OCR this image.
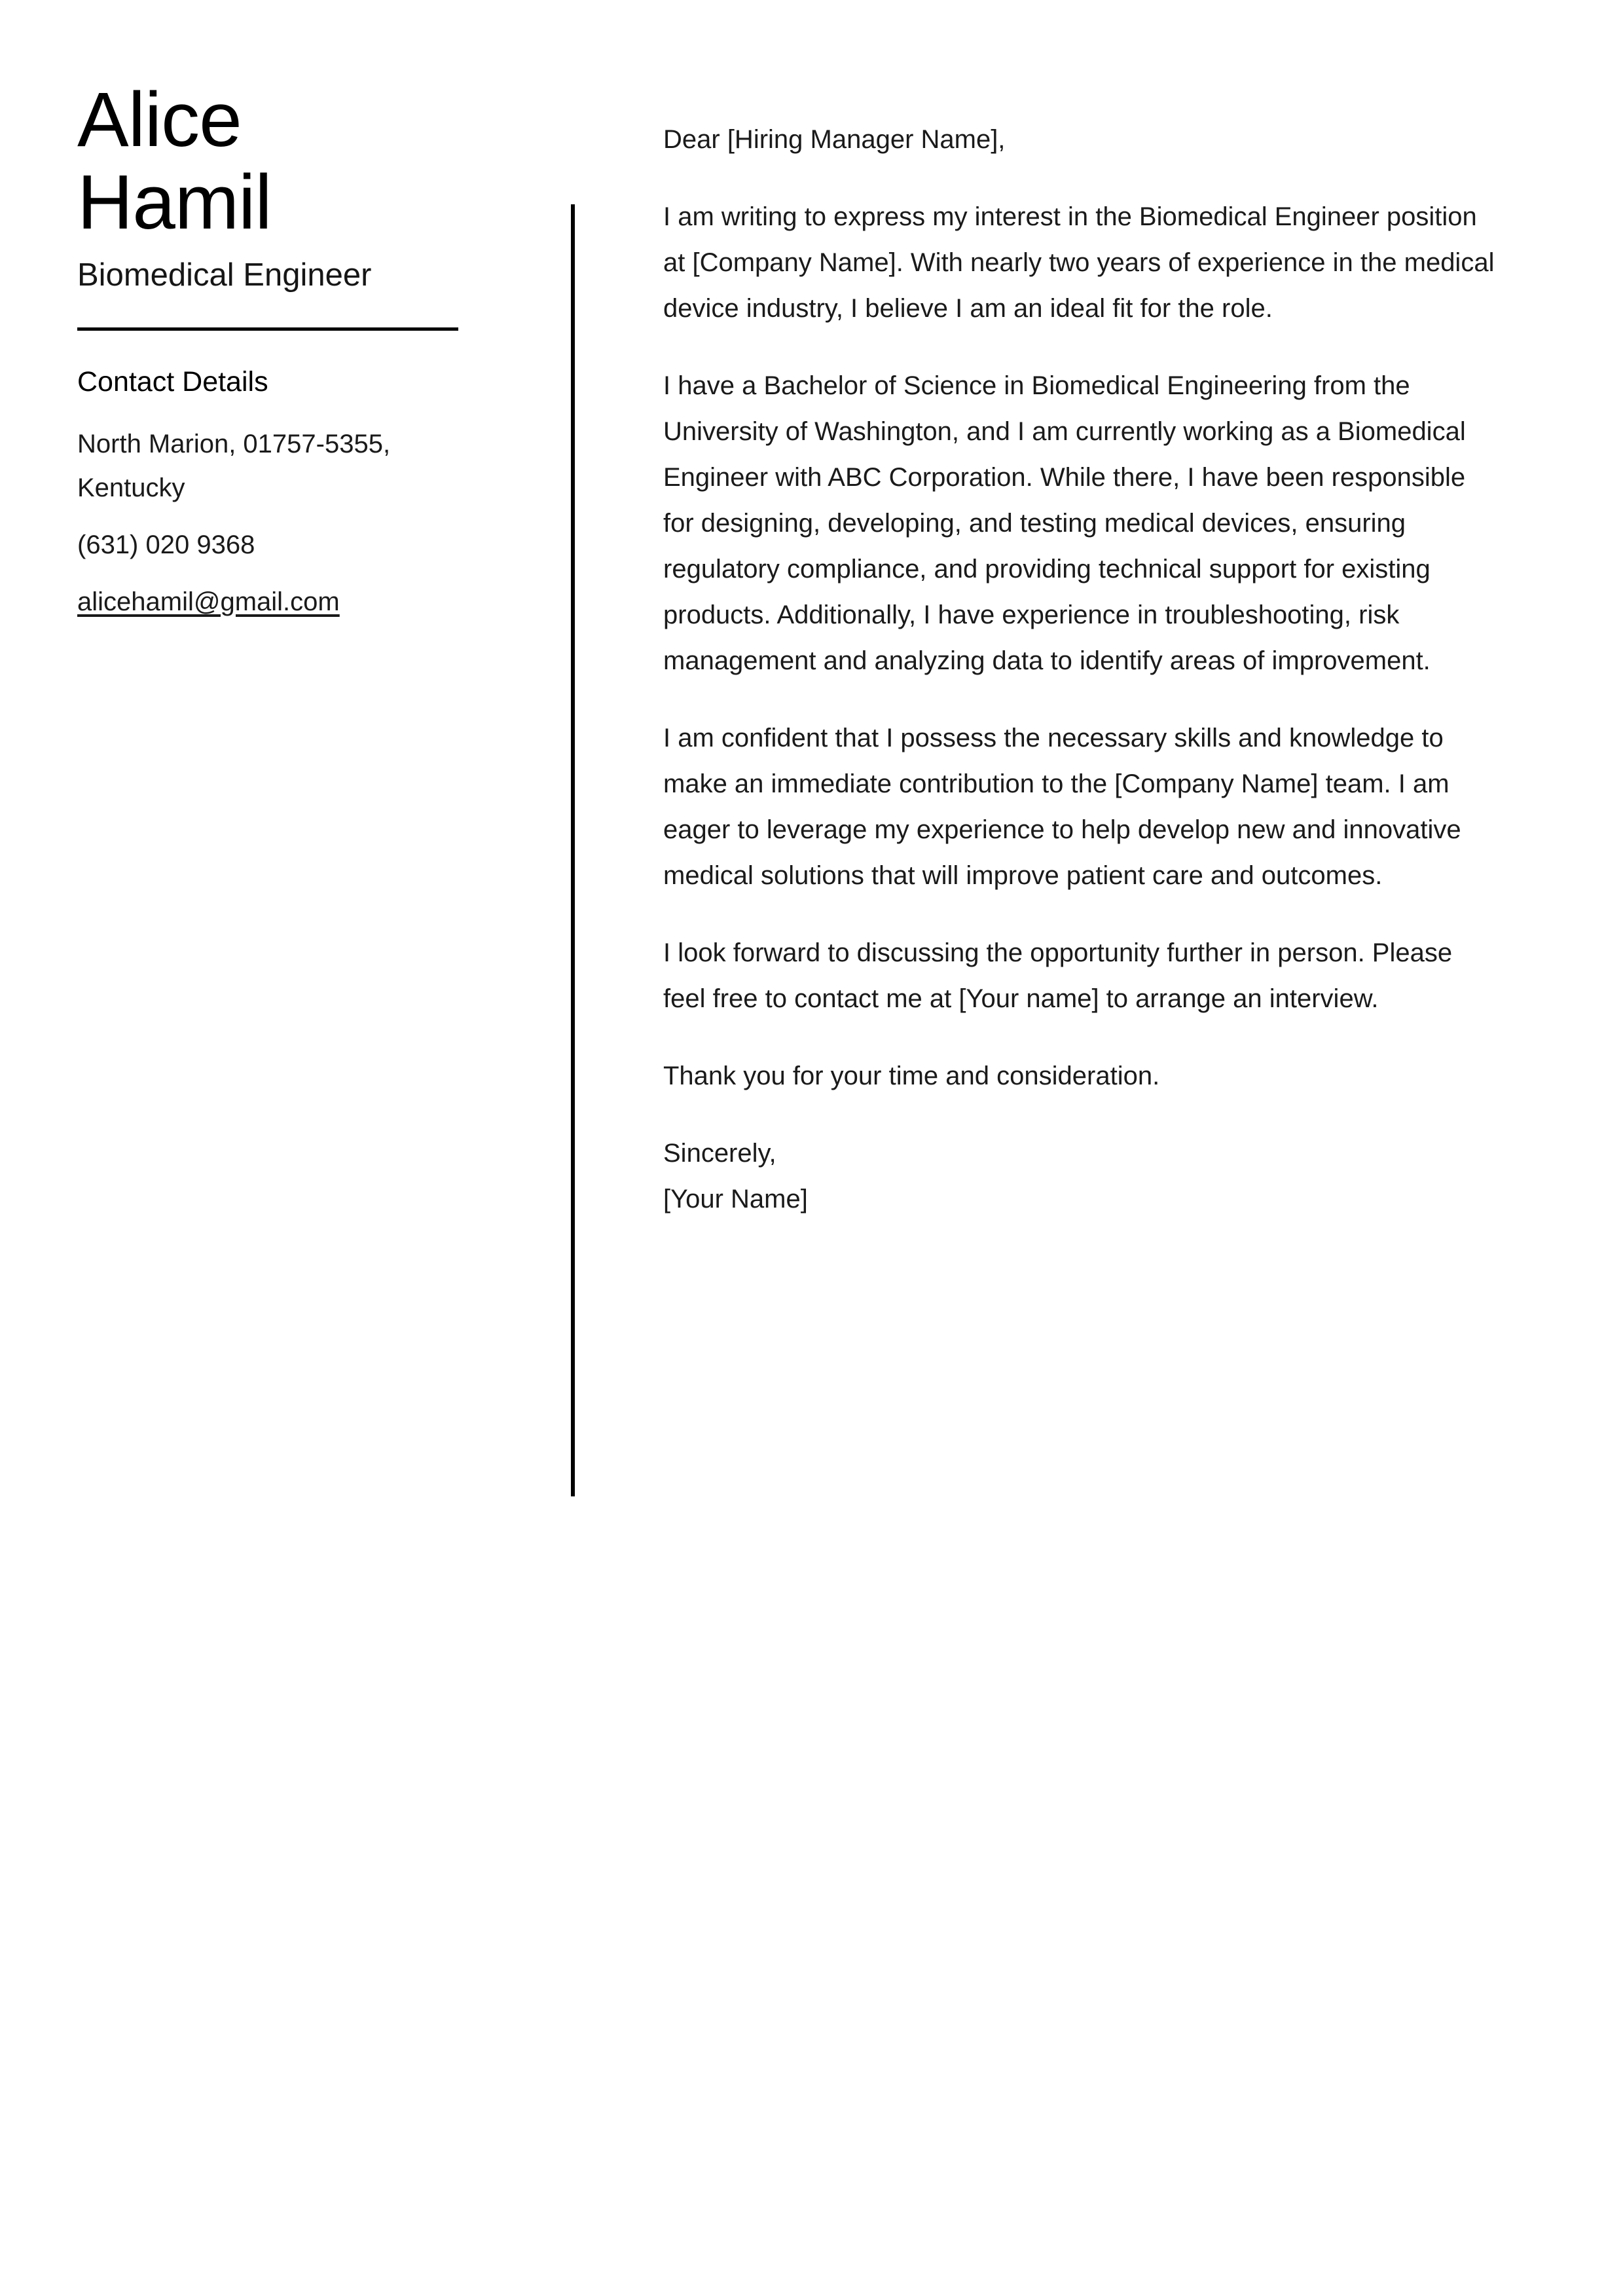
Alice
Hamil
Biomedical Engineer
Contact Details
North Marion, 01757-5355,
Kentucky
(631) 020 9368
alicehamil@gmail.com

Dear [Hiring Manager Name],

I am writing to express my interest in the Biomedical Engineer position at [Company Name]. With nearly two years of experience in the medical device industry, I believe I am an ideal fit for the role.

I have a Bachelor of Science in Biomedical Engineering from the University of Washington, and I am currently working as a Biomedical Engineer with ABC Corporation. While there, I have been responsible for designing, developing, and testing medical devices, ensuring regulatory compliance, and providing technical support for existing products. Additionally, I have experience in troubleshooting, risk management and analyzing data to identify areas of improvement.

I am confident that I possess the necessary skills and knowledge to make an immediate contribution to the [Company Name] team. I am eager to leverage my experience to help develop new and innovative medical solutions that will improve patient care and outcomes.

I look forward to discussing the opportunity further in person. Please feel free to contact me at [Your name] to arrange an interview.

Thank you for your time and consideration.

Sincerely,
[Your Name]
